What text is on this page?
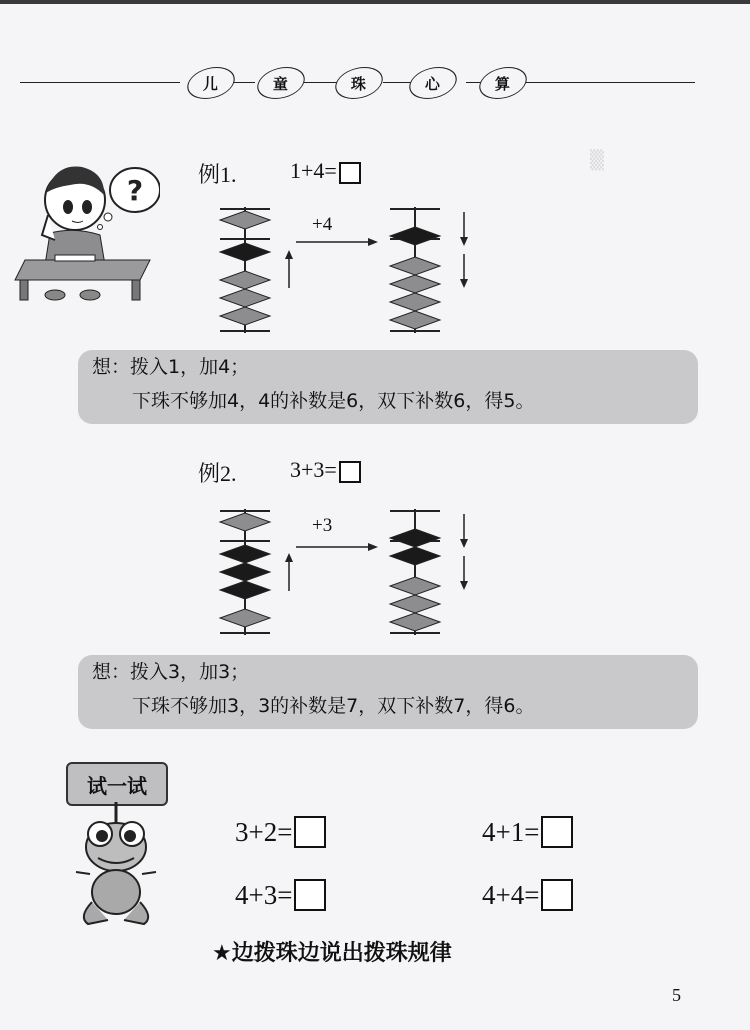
▒
儿	童	珠	心	算
? 例1. 1+4=
+4
想：拨入1，加4；
下珠不够加4，4的补数是6，双下补数6，得5。
例2. 3+3=
+3
想：拨入3，加3；
下珠不够加3，3的补数是7，双下补数7，得6。
试一试
3+2=	4+1=
4+3=	4+4=
★边拨珠边说出拨珠规律
5
